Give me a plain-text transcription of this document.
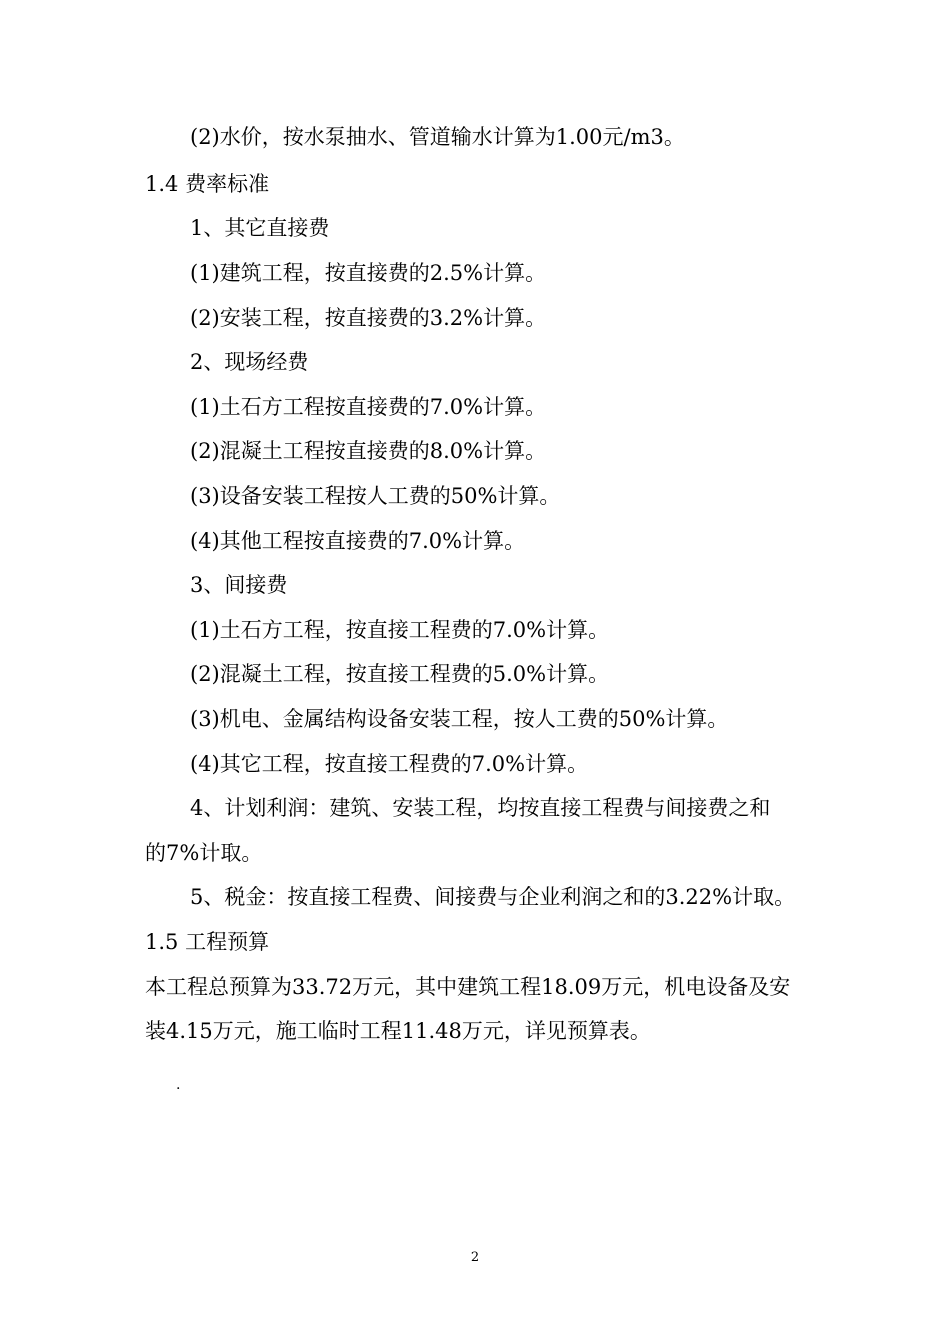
(2)水价，按水泵抽水、管道输水计算为1.00元/m3。
1.4 费率标准
1、其它直接费
(1)建筑工程，按直接费的2.5%计算。
(2)安装工程，按直接费的3.2%计算。
2、现场经费
(1)土石方工程按直接费的7.0%计算。
(2)混凝土工程按直接费的8.0%计算。
(3)设备安装工程按人工费的50%计算。
(4)其他工程按直接费的7.0%计算。
3、间接费
(1)土石方工程，按直接工程费的7.0%计算。
(2)混凝土工程，按直接工程费的5.0%计算。
(3)机电、金属结构设备安装工程，按人工费的50%计算。
(4)其它工程，按直接工程费的7.0%计算。
4、计划利润：建筑、安装工程，均按直接工程费与间接费之和
的7%计取。
5、税金：按直接工程费、间接费与企业利润之和的3.22%计取。
1.5 工程预算
本工程总预算为33.72万元，其中建筑工程18.09万元，机电设备及安
装4.15万元，施工临时工程11.48万元，详见预算表。
.
2
